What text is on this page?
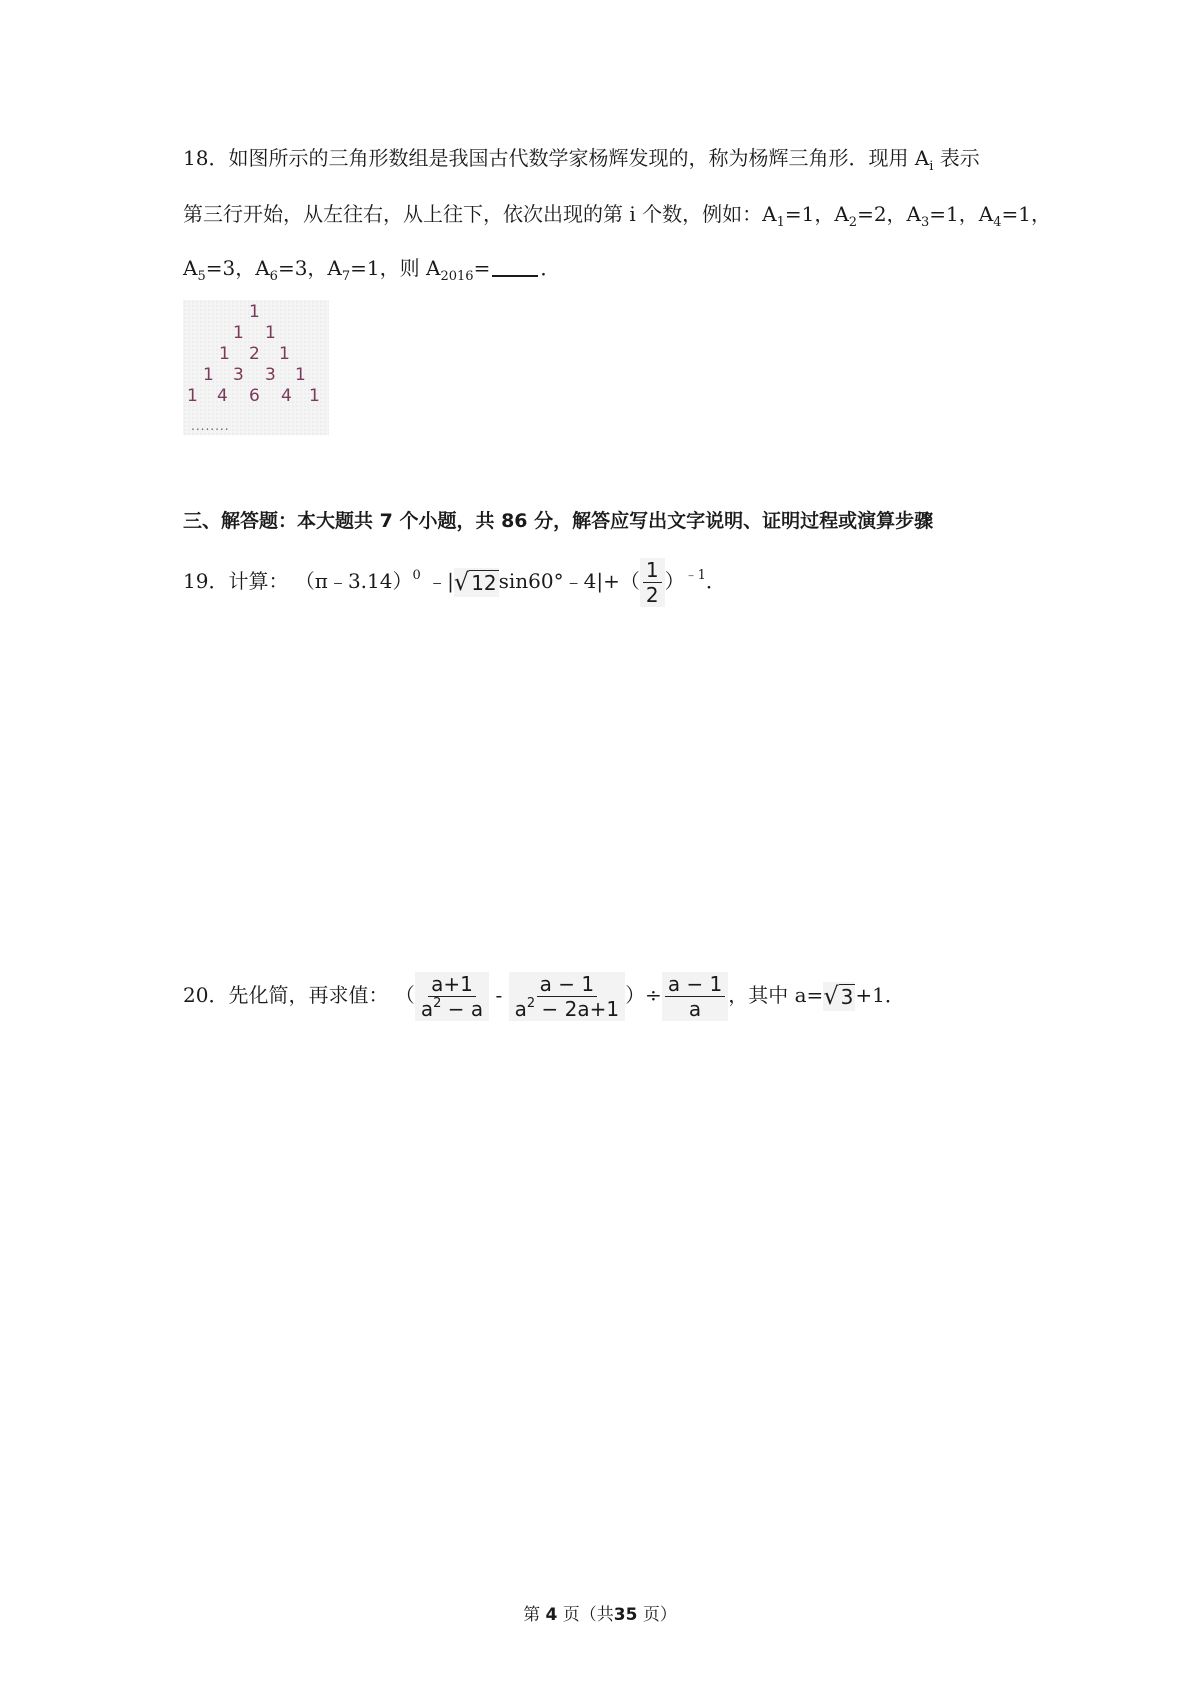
18．如图所示的三角形数组是我国古代数学家杨辉发现的，称为杨辉三角形．现用 $A_i$ 表示
第三行开始，从左往右，从上往下，依次出现的第 i 个数，例如：$A_1=1$，$A_2=2$，$A_3=1$，$A_4=1$，
$A_5=3$，$A_6=3$，$A_7=1$，则 $A_{2016}=$	．
1
1 1
1 2 1
1 3 3 1
1 4 6 4 1
........
三、解答题：本大题共 7 个小题，共 86 分，解答应写出文字说明、证明过程或演算步骤
19．计算： （π﹣3.14）$^0$ ﹣|√ 12 sin60°﹣4|+（ $\frac{1}{2} )^{﹣1}$．
20．先化简，再求值： （ $\frac{a+1}{a^2 - a} - \frac{a - 1}{a^2 - 2a+1}$ ）÷ $\frac{a - 1}{a}$ ，其中 a=√ 3 +1．
第 4 页（共35 页）
